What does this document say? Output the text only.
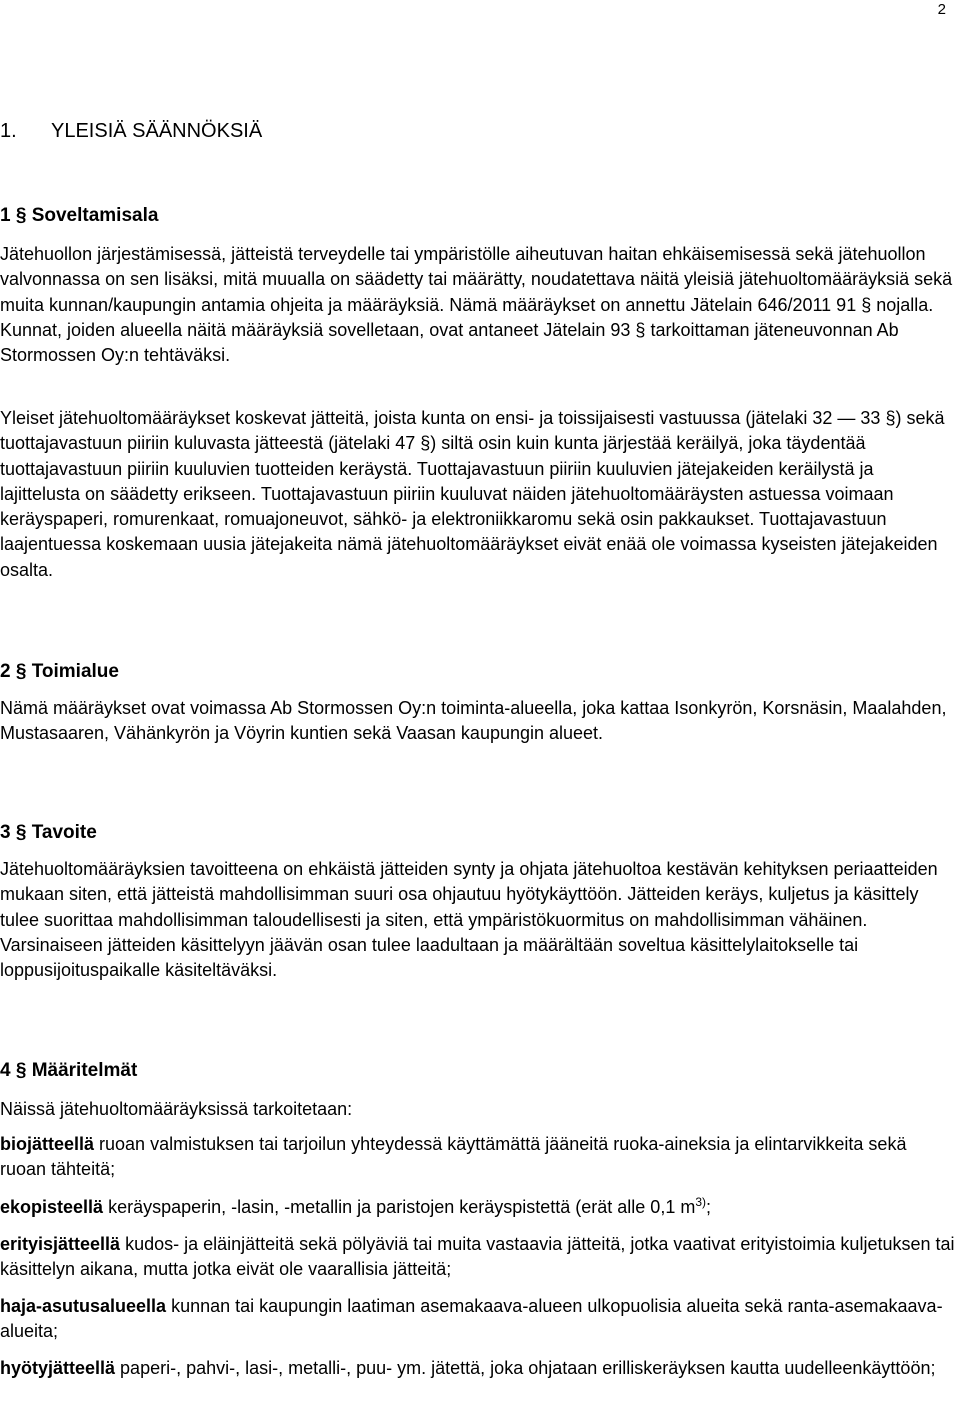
2
1. YLEISIÄ SÄÄNNÖKSIÄ
1 § Soveltamisala

Jätehuollon järjestämisessä, jätteistä terveydelle tai ympäristölle aiheutuvan haitan ehkäisemisessä sekä jätehuollon valvonnassa on sen lisäksi, mitä muualla on säädetty tai määrätty, noudatettava näitä yleisiä jätehuoltomääräyksiä sekä muita kunnan/kaupungin antamia ohjeita ja määräyksiä. Nämä määräykset on annettu Jätelain 646/2011 91 § nojalla. Kunnat, joiden alueella näitä määräyksiä sovelletaan, ovat antaneet Jätelain 93 § tarkoittaman jäteneuvonnan Ab Stormossen Oy:n tehtäväksi.

Yleiset jätehuoltomääräykset koskevat jätteitä, joista kunta on ensi- ja toissijaisesti vastuussa (jätelaki 32 — 33 §) sekä tuottajavastuun piiriin kuluvasta jätteestä (jätelaki 47 §) siltä osin kuin kunta järjestää keräilyä, joka täydentää tuottajavastuun piiriin kuuluvien tuotteiden keräystä. Tuottajavastuun piiriin kuuluvien jätejakeiden keräilystä ja lajittelusta on säädetty erikseen. Tuottajavastuun piiriin kuuluvat näiden jätehuoltomääräysten astuessa voimaan keräyspaperi, romurenkaat, romuajoneuvot, sähkö- ja elektroniikkaromu sekä osin pakkaukset. Tuottajavastuun laajentuessa koskemaan uusia jätejakeita nämä jätehuoltomääräykset eivät enää ole voimassa kyseisten jätejakeiden osalta.

2 § Toimialue

Nämä määräykset ovat voimassa Ab Stormossen Oy:n toiminta-alueella, joka kattaa Isonkyrön, Korsnäsin, Maalahden, Mustasaaren, Vähänkyrön ja Vöyrin kuntien sekä Vaasan kaupungin alueet.

3 § Tavoite

Jätehuoltomääräyksien tavoitteena on ehkäistä jätteiden synty ja ohjata jätehuoltoa kestävän kehityksen periaatteiden mukaan siten, että jätteistä mahdollisimman suuri osa ohjautuu hyötykäyttöön. Jätteiden keräys, kuljetus ja käsittely tulee suorittaa mahdollisimman taloudellisesti ja siten, että ympäristökuormitus on mahdollisimman vähäinen. Varsinaiseen jätteiden käsittelyyn jäävän osan tulee laadultaan ja määrältään soveltua käsittelylaitokselle tai loppusijoituspaikalle käsiteltäväksi.

4 § Määritelmät

Näissä jätehuoltomääräyksissä tarkoitetaan:

biojätteellä ruoan valmistuksen tai tarjoilun yhteydessä käyttämättä jääneitä ruoka-aineksia ja elintarvikkeita sekä ruoan tähteitä;

ekopisteellä keräyspaperin, -lasin, -metallin ja paristojen keräyspistettä (erät alle 0,1 $m^{3)}$;

erityisjätteellä kudos- ja eläinjätteitä sekä pölyäviä tai muita vastaavia jätteitä, jotka vaativat erityistoimia kuljetuksen tai käsittelyn aikana, mutta jotka eivät ole vaarallisia jätteitä;

haja-asutusalueella kunnan tai kaupungin laatiman asemakaava-alueen ulkopuolisia alueita sekä ranta-asemakaava-alueita;

hyötyjätteellä paperi-, pahvi-, lasi-, metalli-, puu- ym. jätettä, joka ohjataan erilliskeräyksen kautta uudelleenkäyttöön;
